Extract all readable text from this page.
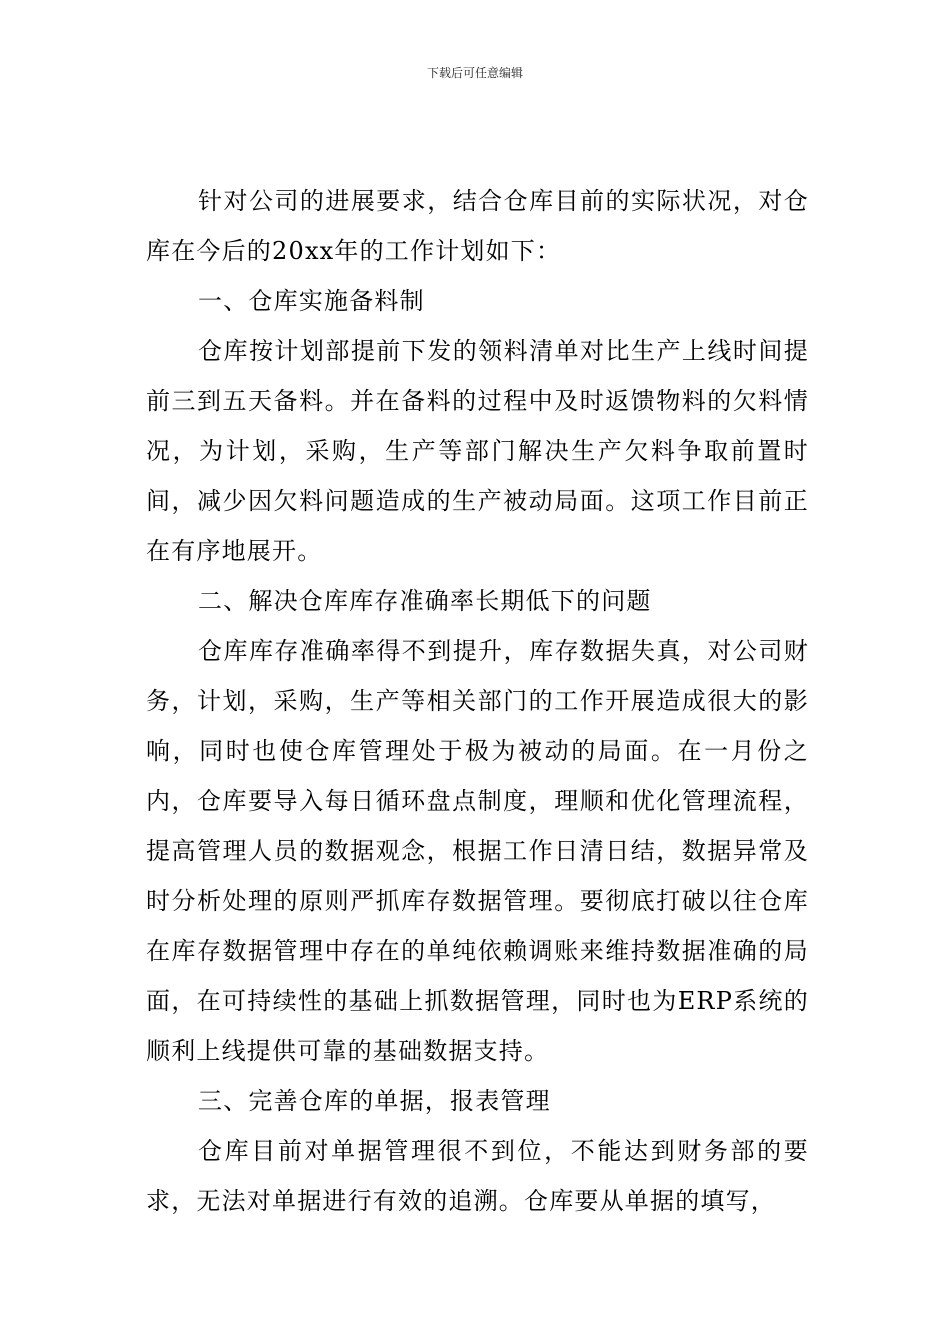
下载后可任意编辑

针对公司的进展要求，结合仓库目前的实际状况，对仓库在今后的20xx年的工作计划如下：

一、仓库实施备料制

仓库按计划部提前下发的领料清单对比生产上线时间提前三到五天备料。并在备料的过程中及时返馈物料的欠料情况，为计划，采购，生产等部门解决生产欠料争取前置时间，减少因欠料问题造成的生产被动局面。这项工作目前正在有序地展开。

二、解决仓库库存准确率长期低下的问题

仓库库存准确率得不到提升，库存数据失真，对公司财务，计划，采购，生产等相关部门的工作开展造成很大的影响，同时也使仓库管理处于极为被动的局面。在一月份之内，仓库要导入每日循环盘点制度，理顺和优化管理流程，提高管理人员的数据观念，根据工作日清日结，数据异常及时分析处理的原则严抓库存数据管理。要彻底打破以往仓库在库存数据管理中存在的单纯依赖调账来维持数据准确的局面，在可持续性的基础上抓数据管理，同时也为ERP系统的顺利上线提供可靠的基础数据支持。

三、完善仓库的单据，报表管理

仓库目前对单据管理很不到位，不能达到财务部的要求，无法对单据进行有效的追溯。仓库要从单据的填写，
